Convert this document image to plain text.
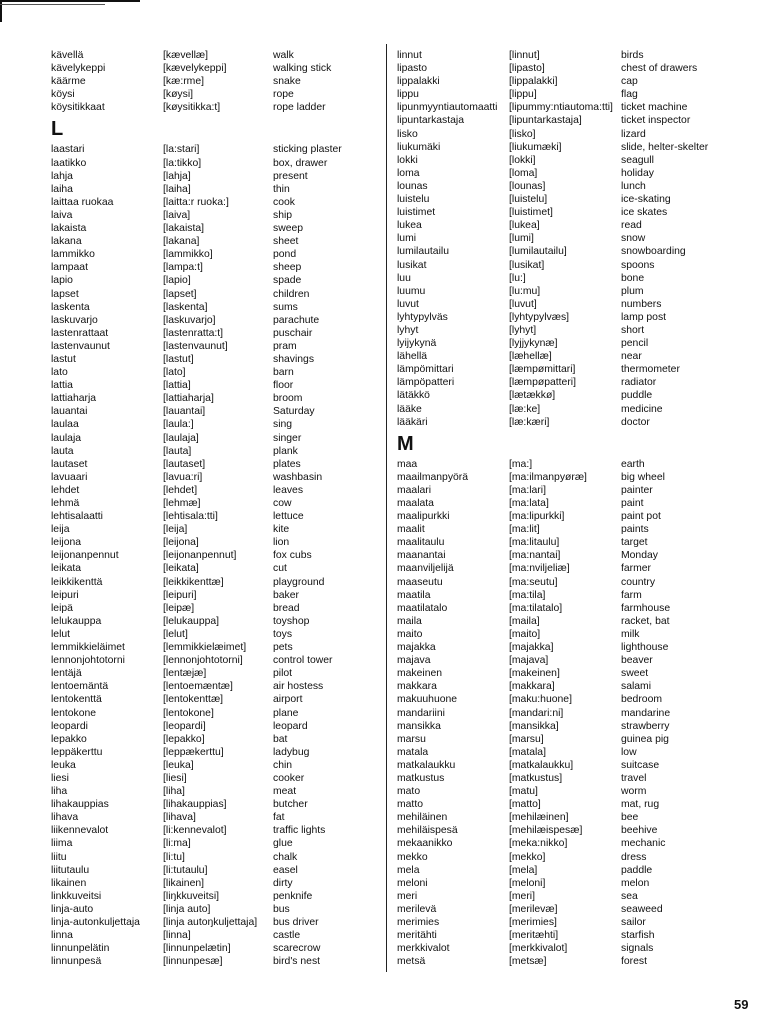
kävellä	[kævellæ]	walk
kävelykeppi	[kævelykeppi]	walking stick
käärme	[kæ:rme]	snake
köysi	[køysi]	rope
köysitikkaat	[køysitikka:t]	rope ladder
L
laastari	[la:stari]	sticking plaster
laatikko	[la:tikko]	box, drawer
lahja	[lahja]	present
laiha	[laiha]	thin
laittaa ruokaa	[laitta:r ruoka:]	cook
laiva	[laiva]	ship
lakaista	[lakaista]	sweep
lakana	[lakana]	sheet
lammikko	[lammikko]	pond
lampaat	[lampa:t]	sheep
lapio	[lapio]	spade
lapset	[lapset]	children
laskenta	[laskenta]	sums
laskuvarjo	[laskuvarjo]	parachute
lastenrattaat	[lastenratta:t]	puschair
lastenvaunut	[lastenvaunut]	pram
lastut	[lastut]	shavings
lato	[lato]	barn
lattia	[lattia]	floor
lattiaharja	[lattiaharja]	broom
lauantai	[lauantai]	Saturday
laulaa	[laula:]	sing
laulaja	[laulaja]	singer
lauta	[lauta]	plank
lautaset	[lautaset]	plates
lavuaari	[lavua:ri]	washbasin
lehdet	[lehdet]	leaves
lehmä	[lehmæ]	cow
lehtisalaatti	[lehtisala:tti]	lettuce
leija	[leija]	kite
leijona	[leijona]	lion
leijonanpennut	[leijonanpennut]	fox cubs
leikata	[leikata]	cut
leikkikenttä	[leikkikenttæ]	playground
leipuri	[leipuri]	baker
leipä	[leipæ]	bread
lelukauppa	[lelukauppa]	toyshop
lelut	[lelut]	toys
lemmikkieläimet	[lemmikkielæimet]	pets
lennonjohtotorni	[lennonjohtotorni]	control tower
lentäjä	[lentæjæ]	pilot
lentoemäntä	[lentoemæntæ]	air hostess
lentokenttä	[lentokenttæ]	airport
lentokone	[lentokone]	plane
leopardi	[leopardi]	leopard
lepakko	[lepakko]	bat
leppäkerttu	[leppækerttu]	ladybug
leuka	[leuka]	chin
liesi	[liesi]	cooker
liha	[liha]	meat
lihakauppias	[lihakauppias]	butcher
lihava	[lihava]	fat
liikennevalot	[li:kennevalot]	traffic lights
liima	[li:ma]	glue
liitu	[li:tu]	chalk
liitutaulu	[li:tutaulu]	easel
likainen	[likainen]	dirty
linkkuveitsi	[liŋkkuveitsi]	penknife
linja-auto	[linja auto]	bus
linja-autonkuljettaja	[linja autoŋkuljettaja]	bus driver
linna	[linna]	castle
linnunpelätin	[linnunpelætin]	scarecrow
linnunpesä	[linnunpesæ]	bird's nest
linnut	[linnut]	birds
lipasto	[lipasto]	chest of drawers
lippalakki	[lippalakki]	cap
lippu	[lippu]	flag
lipunmyyntiautomaatti	[lipummy:ntiautoma:tti] ticket machine
lipuntarkastaja	[lipuntarkastaja]	ticket inspector
lisko	[lisko]	lizard
liukumäki	[liukumæki]	slide, helter-skelter
lokki	[lokki]	seagull
loma	[loma]	holiday
lounas	[lounas]	lunch
luistelu	[luistelu]	ice-skating
luistimet	[luistimet]	ice skates
lukea	[lukea]	read
lumi	[lumi]	snow
lumilautailu	[lumilautailu]	snowboarding
lusikat	[lusikat]	spoons
luu	[lu:]	bone
luumu	[lu:mu]	plum
luvut	[luvut]	numbers
lyhtypylväs	[lyhtypylvæs]	lamp post
lyhyt	[lyhyt]	short
lyijykynä	[lyjjykynæ]	pencil
lähellä	[læhellæ]	near
lämpömittari	[læmpømittari]	thermometer
lämpöpatteri	[læmpøpatteri]	radiator
lätäkkö	[lætækkø]	puddle
lääke	[læ:ke]	medicine
lääkäri	[læ:kæri]	doctor
M
maa	[ma:]	earth
maailmanpyörä	[ma:ilmanpyøræ]	big wheel
maalari	[ma:lari]	painter
maalata	[ma:lata]	paint
maalipurkki	[ma:lipurkki]	paint pot
maalit	[ma:lit]	paints
maalitaulu	[ma:litaulu]	target
maanantai	[ma:nantai]	Monday
maanviljelijä	[ma:nviljeliæ]	farmer
maaseutu	[ma:seutu]	country
maatila	[ma:tila]	farm
maatilatalo	[ma:tilatalo]	farmhouse
maila	[maila]	racket, bat
maito	[maito]	milk
majakka	[majakka]	lighthouse
majava	[majava]	beaver
makeinen	[makeinen]	sweet
makkara	[makkara]	salami
makuuhuone	[maku:huone]	bedroom
mandariini	[mandari:ni]	mandarine
mansikka	[mansikka]	strawberry
marsu	[marsu]	guinea pig
matala	[matala]	low
matkalaukku	[matkalaukku]	suitcase
matkustus	[matkustus]	travel
mato	[matu]	worm
matto	[matto]	mat, rug
mehiläinen	[mehilæinen]	bee
mehiläispesä	[mehilæispesæ]	beehive
mekaanikko	[meka:nikko]	mechanic
mekko	[mekko]	dress
mela	[mela]	paddle
meloni	[meloni]	melon
meri	[meri]	sea
merilevä	[merilevæ]	seaweed
merimies	[merimies]	sailor
meritähti	[meritæhti]	starfish
merkkivalot	[merkkivalot]	signals
metsä	[metsæ]	forest
59
